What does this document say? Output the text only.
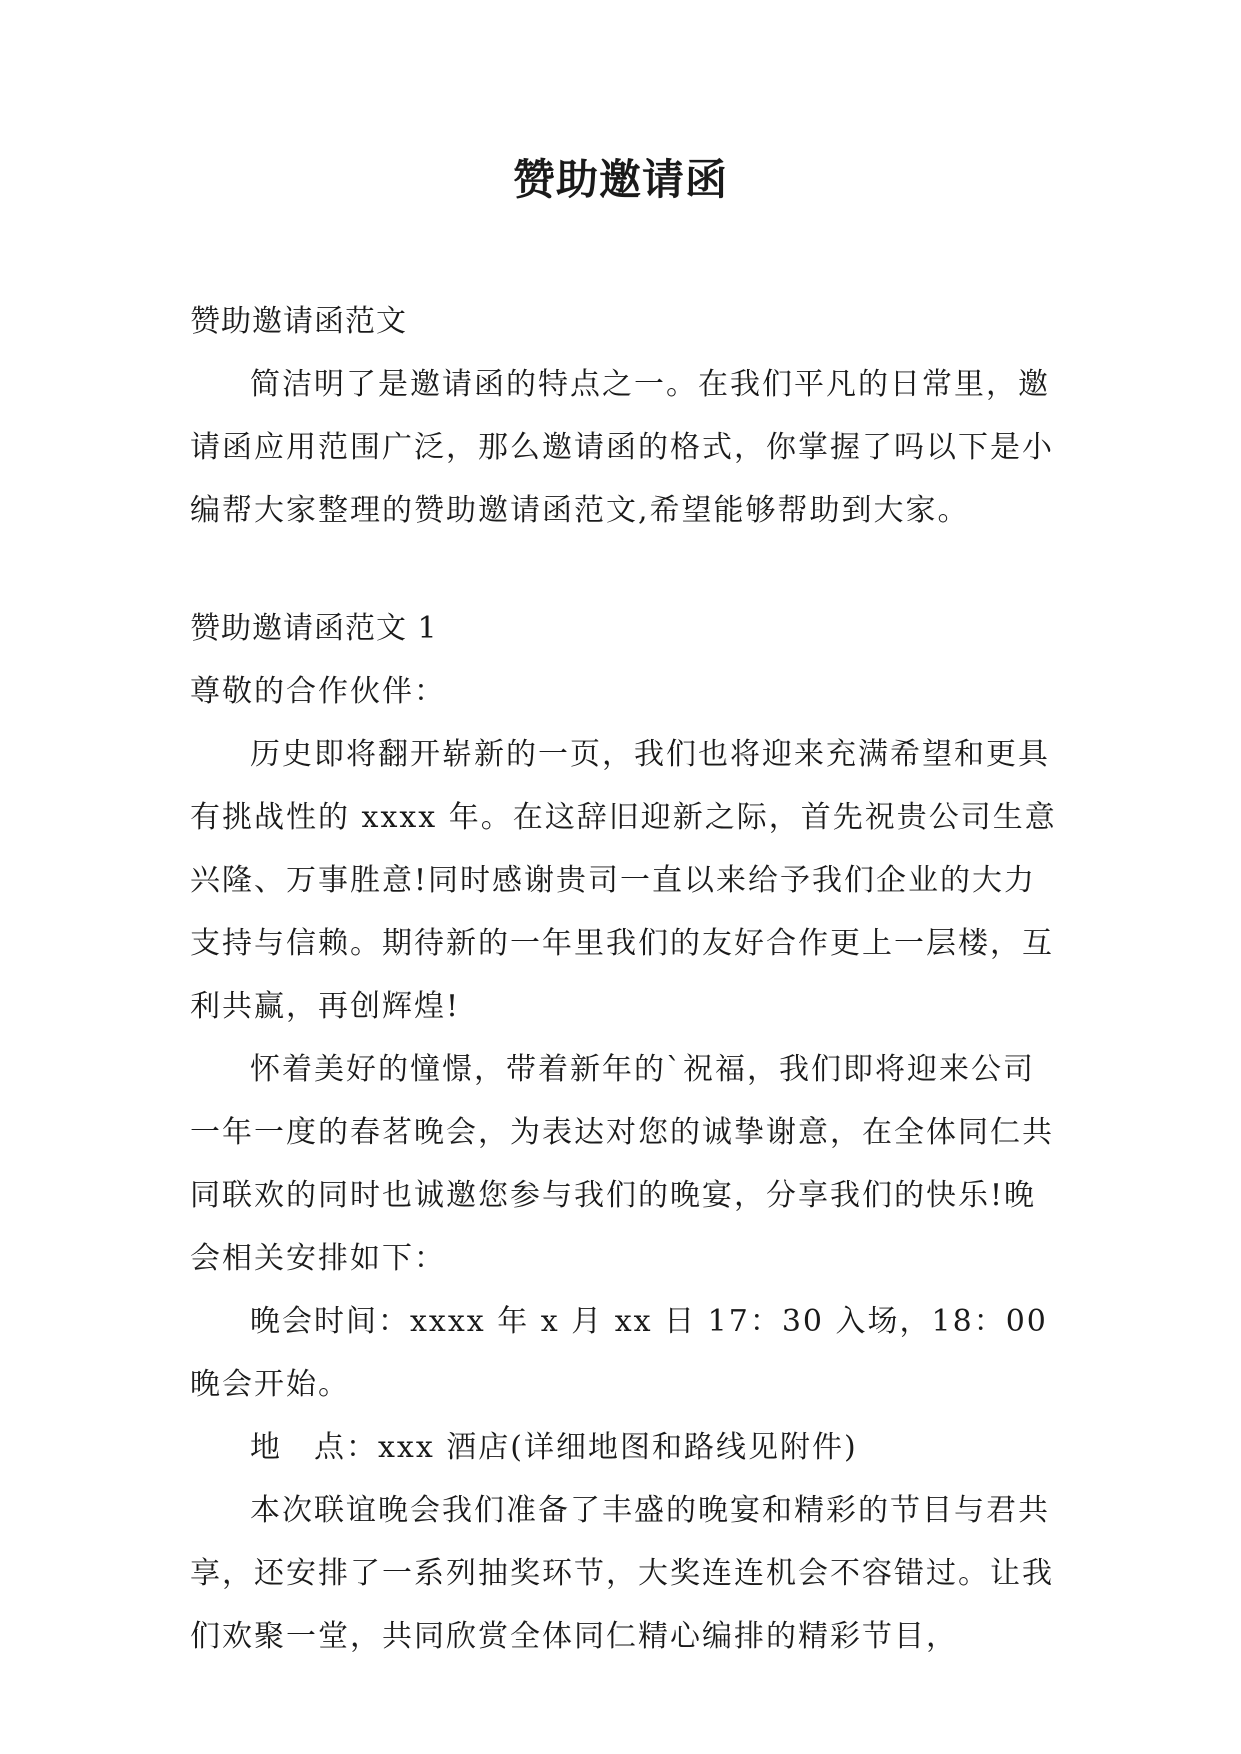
赞助邀请函

赞助邀请函范文

简洁明了是邀请函的特点之一。在我们平凡的日常里，邀请函应用范围广泛，那么邀请函的格式，你掌握了吗以下是小编帮大家整理的赞助邀请函范文,希望能够帮助到大家。

赞助邀请函范文 1

尊敬的合作伙伴：

历史即将翻开崭新的一页，我们也将迎来充满希望和更具有挑战性的 xxxx 年。在这辞旧迎新之际，首先祝贵公司生意兴隆、万事胜意!同时感谢贵司一直以来给予我们企业的大力支持与信赖。期待新的一年里我们的友好合作更上一层楼，互利共赢，再创辉煌!

怀着美好的憧憬，带着新年的`祝福，我们即将迎来公司一年一度的春茗晚会，为表达对您的诚挚谢意，在全体同仁共同联欢的同时也诚邀您参与我们的晚宴，分享我们的快乐!晚会相关安排如下：

晚会时间：xxxx 年 x 月 xx 日 17：30 入场，18：00 晚会开始。

地　点：xxx 酒店(详细地图和路线见附件)

本次联谊晚会我们准备了丰盛的晚宴和精彩的节目与君共享，还安排了一系列抽奖环节，大奖连连机会不容错过。让我们欢聚一堂，共同欣赏全体同仁精心编排的精彩节目，
